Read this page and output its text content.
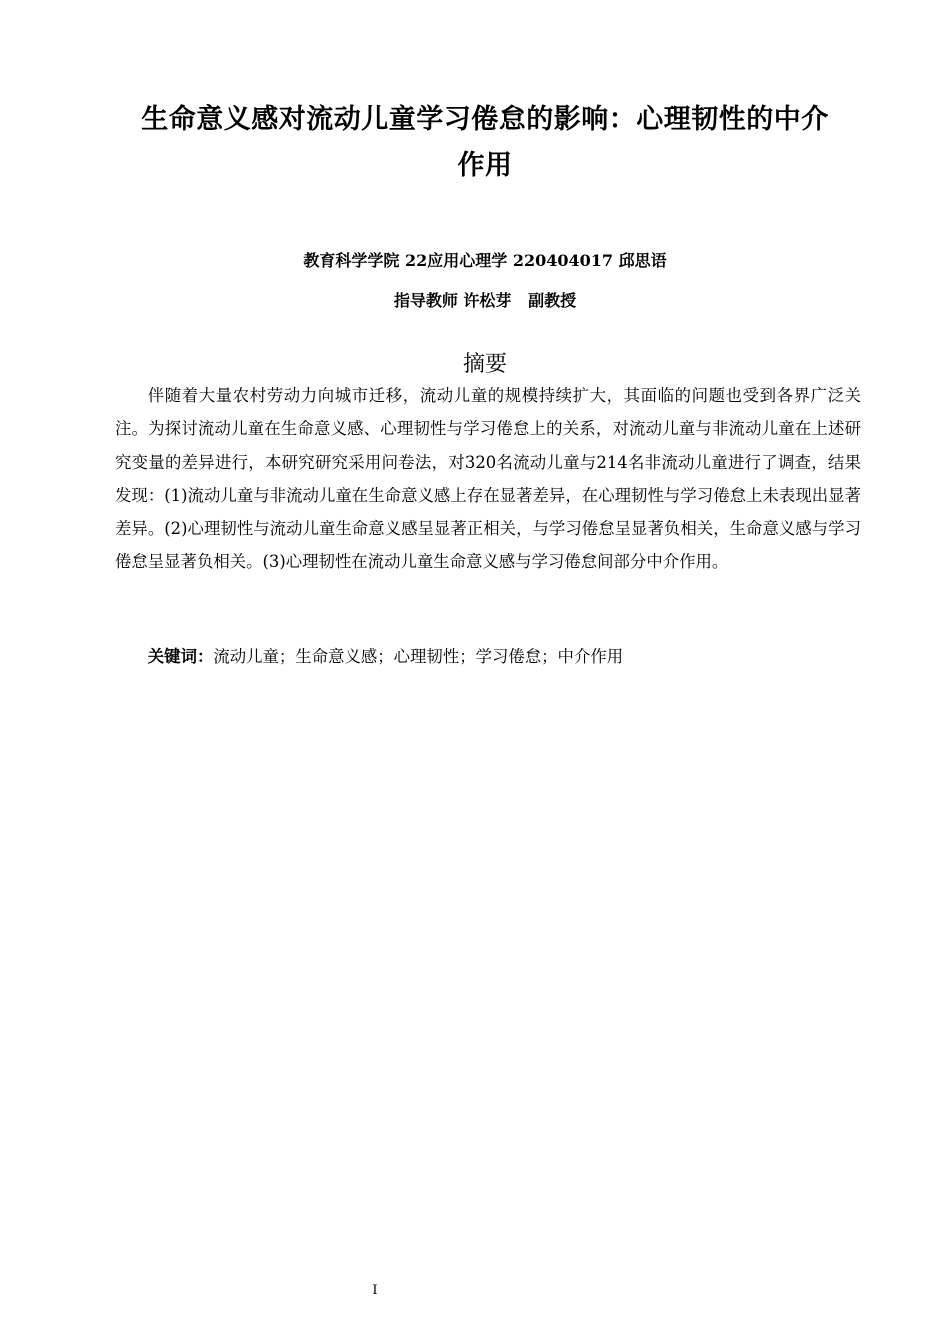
生命意义感对流动儿童学习倦怠的影响：心理韧性的中介
作用
教育科学学院 22应用心理学 220404017 邱思语
指导教师 许松芽   副教授
摘要

伴随着大量农村劳动力向城市迁移，流动儿童的规模持续扩大，其面临的问题也受到各界广泛关注。为探讨流动儿童在生命意义感、心理韧性与学习倦怠上的关系，对流动儿童与非流动儿童在上述研究变量的差异进行，本研究研究采用问卷法，对320名流动儿童与214名非流动儿童进行了调查，结果发现：(1)流动儿童与非流动儿童在生命意义感上存在显著差异，在心理韧性与学习倦怠上未表现出显著差异。(2)心理韧性与流动儿童生命意义感呈显著正相关，与学习倦怠呈显著负相关，生命意义感与学习倦怠呈显著负相关。(3)心理韧性在流动儿童生命意义感与学习倦怠间部分中介作用。

关键词：流动儿童；生命意义感；心理韧性；学习倦怠；中介作用

I
